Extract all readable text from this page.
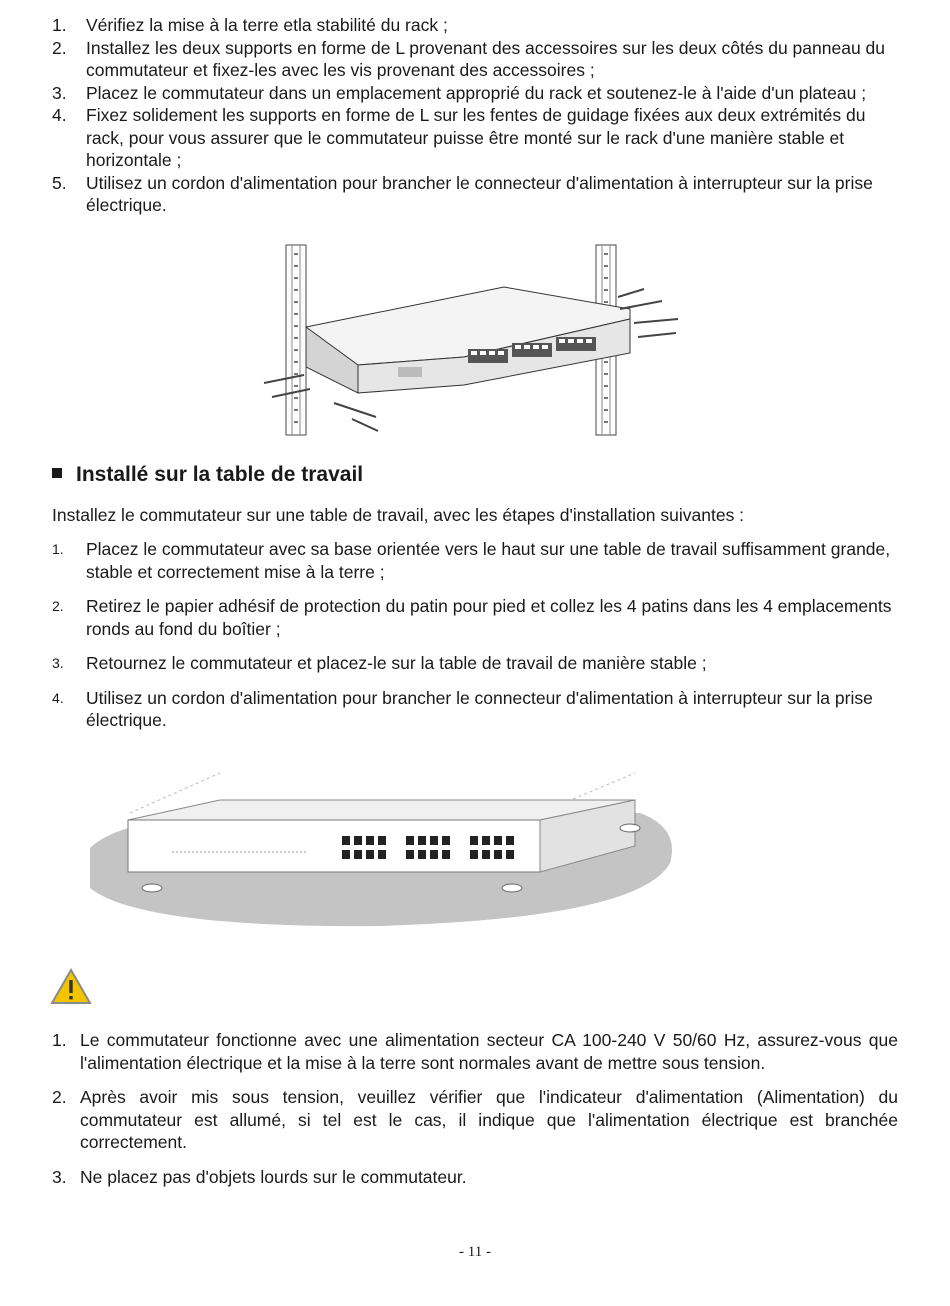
1. Vérifiez la mise à la terre etla stabilité du rack ;
2. Installez les deux supports en forme de L provenant des accessoires sur les deux côtés du panneau du commutateur et fixez-les avec les vis provenant des accessoires ;
3. Placez le commutateur dans un emplacement approprié du rack et soutenez-le à l'aide d'un plateau ;
4. Fixez solidement les supports en forme de L sur les fentes de guidage fixées aux deux extrémités du rack, pour vous assurer que le commutateur puisse être monté sur le rack d'une manière stable et horizontale ;
5. Utilisez un cordon d'alimentation pour brancher le connecteur d'alimentation à interrupteur sur la prise électrique.
Installé sur la table de travail
Installez le commutateur sur une table de travail, avec les étapes d'installation suivantes :
1. Placez le commutateur avec sa base orientée vers le haut sur une table de travail suffisamment grande, stable et correctement mise à la terre ;
2. Retirez le papier adhésif de protection du patin pour pied et collez les 4 patins dans les 4 emplacements ronds au fond du boîtier ;
3. Retournez le commutateur et placez-le sur la table de travail de manière stable ;
4. Utilisez un cordon d'alimentation pour brancher le connecteur d'alimentation à interrupteur sur la prise électrique.
1. Le commutateur fonctionne avec une alimentation secteur CA 100-240 V 50/60 Hz, assurez-vous que l'alimentation électrique et la mise à la terre sont normales avant de mettre sous tension.
2. Après avoir mis sous tension, veuillez vérifier que l'indicateur d'alimentation (Alimentation) du commutateur est allumé, si tel est le cas, il indique que l'alimentation électrique est branchée correctement.
3. Ne placez pas d'objets lourds sur le commutateur.
- 11 -
